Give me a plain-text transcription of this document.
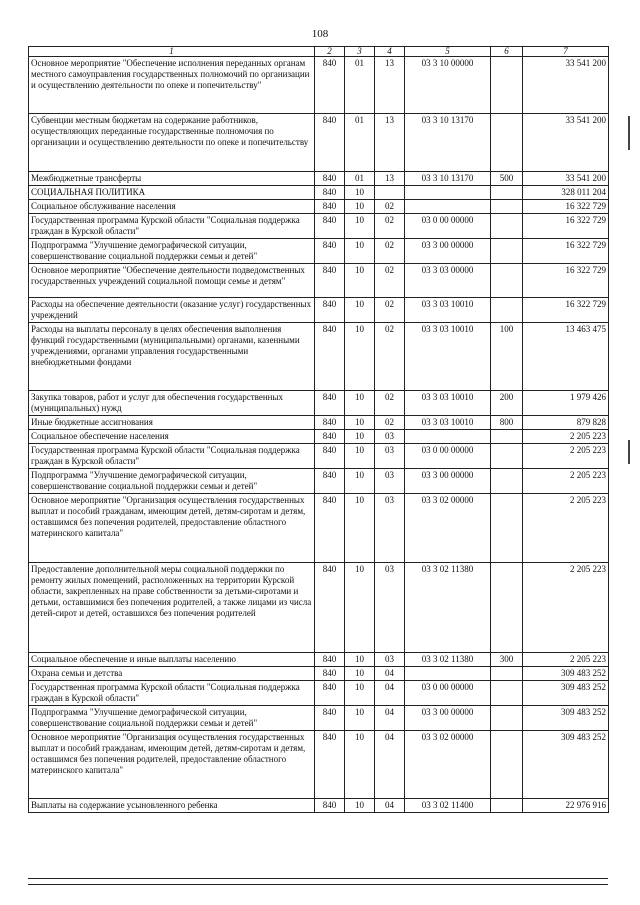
108
1	2	3	4	5	6	7
Основное мероприятие "Обеспечение исполнения переданных органам местного самоуправления государственных полномочий по организации и осуществлению деятельности по опеке и попечительству"	840	01	13	03 3 10 00000		33 541 200
Субвенции местным бюджетам на содержание работников, осуществляющих переданные государственные полномочия по организации и осуществлению деятельности по опеке и попечительству	840	01	13	03 3 10 13170		33 541 200
Межбюджетные трансферты	840	01	13	03 3 10 13170	500	33 541 200
СОЦИАЛЬНАЯ ПОЛИТИКА	840	10				328 011 204
Социальное обслуживание населения	840	10	02			16 322 729
Государственная программа Курской области "Социальная поддержка граждан в Курской области"	840	10	02	03 0 00 00000		16 322 729
Подпрограмма "Улучшение демографической ситуации, совершенствование социальной поддержки семьи и детей"	840	10	02	03 3 00 00000		16 322 729
Основное мероприятие "Обеспечение деятельности подведомственных государственных учреждений социальной помощи семье и детям"	840	10	02	03 3 03 00000		16 322 729
Расходы на обеспечение деятельности (оказание услуг) государственных учреждений	840	10	02	03 3 03 10010		16 322 729
Расходы на выплаты персоналу в целях обеспечения выполнения функций государственными (муниципальными) органами, казенными учреждениями, органами управления государственными внебюджетными фондами	840	10	02	03 3 03 10010	100	13 463 475
Закупка товаров, работ и услуг для обеспечения государственных (муниципальных) нужд	840	10	02	03 3 03 10010	200	1 979 426
Иные бюджетные ассигнования	840	10	02	03 3 03 10010	800	879 828
Социальное обеспечение населения	840	10	03			2 205 223
Государственная программа Курской области "Социальная поддержка граждан в Курской области"	840	10	03	03 0 00 00000		2 205 223
Подпрограмма "Улучшение демографической ситуации, совершенствование социальной поддержки семьи и детей"	840	10	03	03 3 00 00000		2 205 223
Основное мероприятие "Организация осуществления государственных выплат и пособий гражданам, имеющим детей, детям-сиротам и детям, оставшимся без попечения родителей, предоставление областного материнского капитала"	840	10	03	03 3 02 00000		2 205 223
Предоставление дополнительной меры социальной поддержки по ремонту жилых помещений, расположенных на территории Курской области, закрепленных на праве собственности за детьми-сиротами и детьми, оставшимися без попечения родителей, а также лицами из числа детей-сирот и детей, оставшихся без попечения родителей	840	10	03	03 3 02 11380		2 205 223
Социальное обеспечение и иные выплаты населению	840	10	03	03 3 02 11380	300	2 205 223
Охрана семьи и детства	840	10	04			309 483 252
Государственная программа Курской области "Социальная поддержка граждан в Курской области"	840	10	04	03 0 00 00000		309 483 252
Подпрограмма "Улучшение демографической ситуации, совершенствование социальной поддержки семьи и детей"	840	10	04	03 3 00 00000		309 483 252
Основное мероприятие "Организация осуществления государственных выплат и пособий гражданам, имеющим детей, детям-сиротам и детям, оставшимся без попечения родителей, предоставление областного материнского капитала"	840	10	04	03 3 02 00000		309 483 252
Выплаты на содержание усыновленного ребенка	840	10	04	03 3 02 11400		22 976 916
